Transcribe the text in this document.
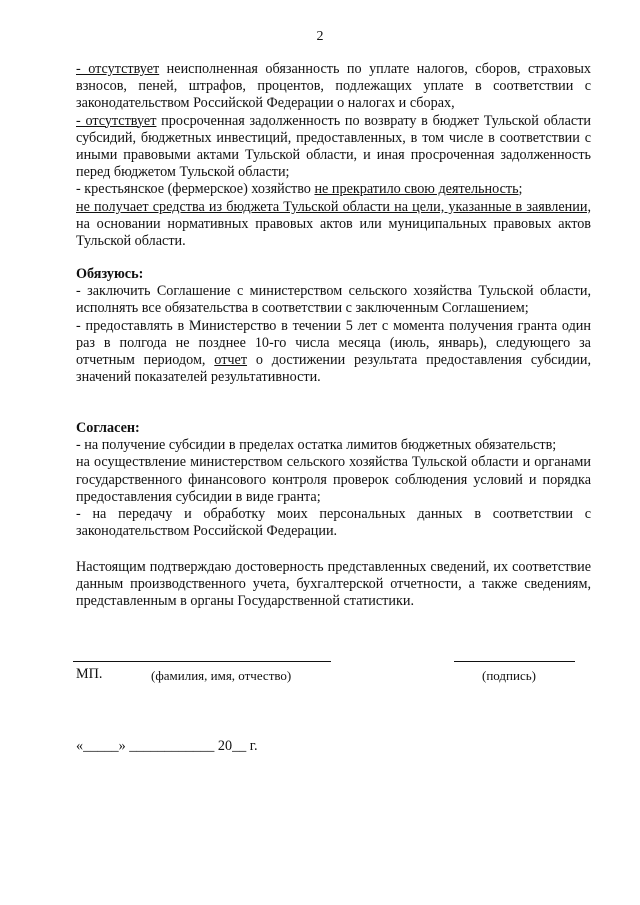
2

- отсутствует неисполненная обязанность по уплате налогов, сборов, страховых взносов, пеней, штрафов, процентов, подлежащих уплате в соответствии с законодательством Российской Федерации о налогах и сборах,

- отсутствует просроченная задолженность по возврату в бюджет Тульской области субсидий, бюджетных инвестиций, предоставленных, в том числе в соответствии с иными правовыми актами Тульской области, и иная просроченная задолженность перед бюджетом Тульской области;

- крестьянское (фермерское) хозяйство не прекратило свою деятельность;

не получает средства из бюджета Тульской области на цели, указанные в заявлении, на основании нормативных правовых актов или муниципальных правовых актов Тульской области.

Обязуюсь:

- заключить Соглашение с министерством сельского хозяйства Тульской области, исполнять все обязательства в соответствии с заключенным Соглашением;

- предоставлять в Министерство в течении 5 лет с момента получения гранта один раз в полгода не позднее 10-го числа месяца (июль, январь), следующего за отчетным периодом, отчет о достижении результата предоставления субсидии, значений показателей результативности.

Согласен:

- на получение субсидии в пределах остатка лимитов бюджетных обязательств;

на осуществление министерством сельского хозяйства Тульской области и органами государственного финансового контроля проверок соблюдения условий и порядка предоставления субсидии в виде гранта;

- на передачу и обработку моих персональных данных в соответствии с законодательством Российской Федерации.

Настоящим подтверждаю достоверность представленных сведений, их соответствие данным производственного учета, бухгалтерской отчетности, а также сведениям, представленным в органы Государственной статистики.

МП.	(фамилия, имя, отчество)	(подпись)
«_____» ____________ 20__ г.
